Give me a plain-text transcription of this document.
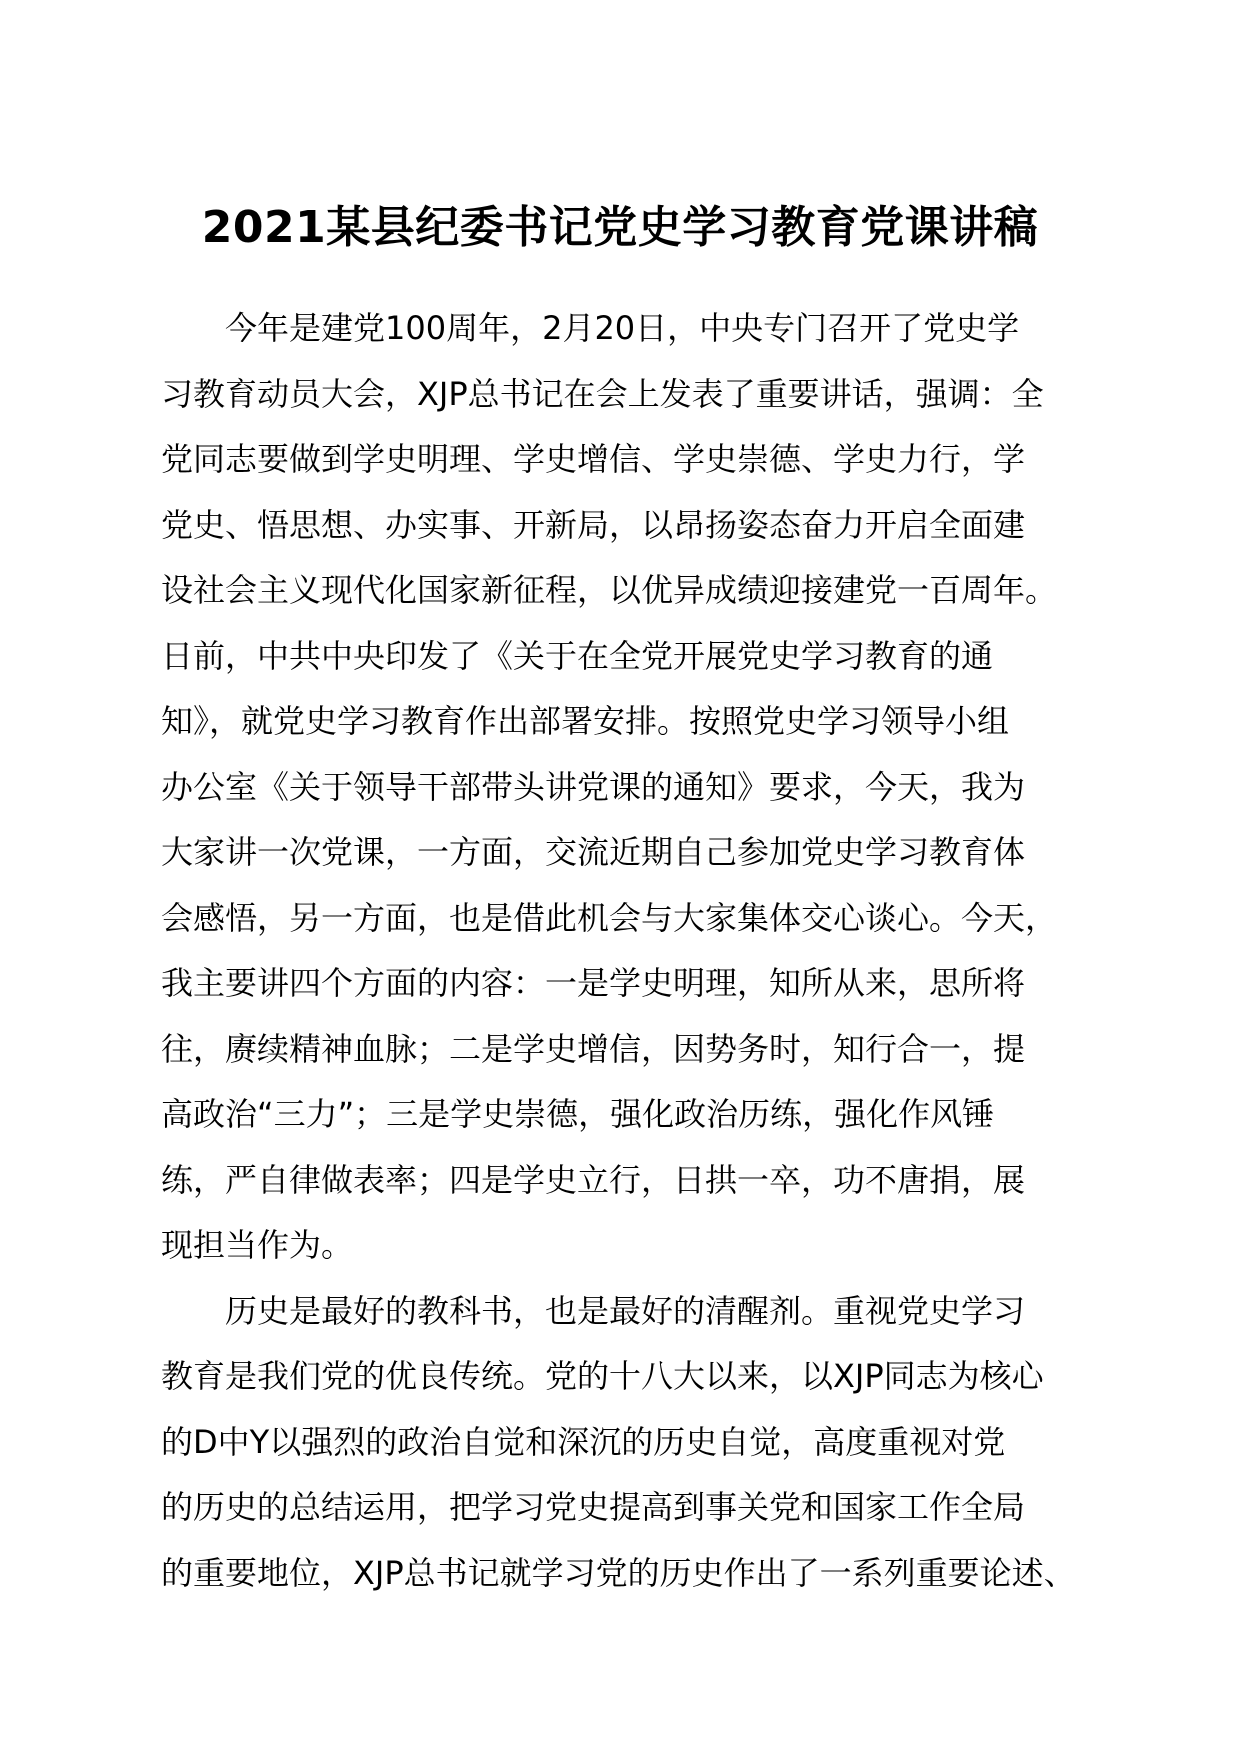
2021某县纪委书记党史学习教育党课讲稿
　　今年是建党100周年，2月20日，中央专门召开了党史学
习教育动员大会，XJP总书记在会上发表了重要讲话，强调：全
党同志要做到学史明理、学史增信、学史崇德、学史力行，学
党史、悟思想、办实事、开新局，以昂扬姿态奋力开启全面建
设社会主义现代化国家新征程，以优异成绩迎接建党一百周年。
日前，中共中央印发了《关于在全党开展党史学习教育的通
知》，就党史学习教育作出部署安排。按照党史学习领导小组
办公室《关于领导干部带头讲党课的通知》要求，今天，我为
大家讲一次党课，一方面，交流近期自己参加党史学习教育体
会感悟，另一方面，也是借此机会与大家集体交心谈心。今天，
我主要讲四个方面的内容：一是学史明理，知所从来，思所将
往，赓续精神血脉；二是学史增信，因势务时，知行合一，提
高政治“三力”；三是学史崇德，强化政治历练，强化作风锤
练，严自律做表率；四是学史立行，日拱一卒，功不唐捐，展
现担当作为。
　　历史是最好的教科书，也是最好的清醒剂。重视党史学习
教育是我们党的优良传统。党的十八大以来，以XJP同志为核心
的D中Y以强烈的政治自觉和深沉的历史自觉，高度重视对党
的历史的总结运用，把学习党史提高到事关党和国家工作全局
的重要地位，XJP总书记就学习党的历史作出了一系列重要论述、
